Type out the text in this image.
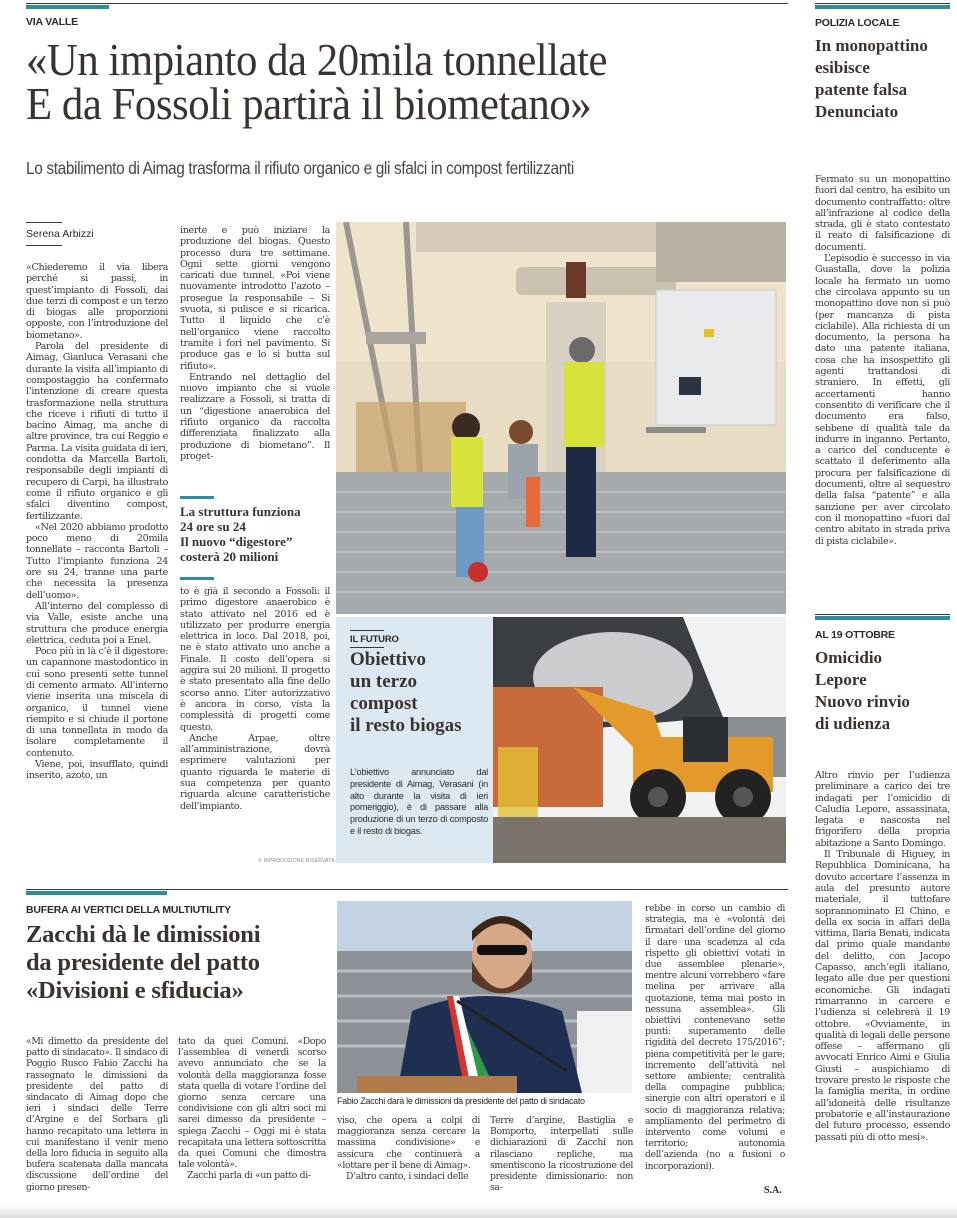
VIA VALLE
«Un impianto da 20mila tonnellate
E da Fossoli partirà il biometano»
Lo stabilimento di Aimag trasforma il rifiuto organico e gli sfalci in compost fertilizzanti
Serena Arbizzi

«Chiederemo il via libera perché si passi, in quest’impianto di Fossoli, dai due terzi di compost e un terzo di biogas alle proporzioni opposte, con l’introduzione del biometano».

Parola del presidente di Aimag, Gianluca Verasani che durante la visita all’impianto di compostaggio ha confermato l’intenzione di creare questa trasformazione nella struttura che riceve i rifiuti di tutto il bacino Aimag, ma anche di altre province, tra cui Reggio e Parma. La visita guidata di ieri, condotta da Marcella Bartoli, responsabile degli impianti di recupero di Carpi, ha illustrato come il rifiuto organico e gli sfalci diventino compost, fertilizzante.

«Nel 2020 abbiamo prodotto poco meno di 20mila tonnellate – racconta Bartoli – Tutto l’impianto funziona 24 ore su 24, tranne una parte che necessita la presenza dell’uomo».

All’interno del complesso di via Valle, esiste anche una struttura che produce energia elettrica, ceduta poi a Enel.

Poco più in là c’è il digestore: un capannone mastodontico in cui sono presenti sette tunnel di cemento armato. All’interno viene inserita una miscela di organico, il tunnel viene riempito e si chiude il portone di una tonnellata in modo da isolare completamente il contenuto.

Viene, poi, insufflato, quindi inserito, azoto, un

inerte e può iniziare la produzione del biogas. Questo processo dura tre settimane. Ogni sette giorni vengono caricati due tunnel. «Poi viene nuovamente introdotto l’azoto – prosegue la responsabile – Si svuota, si pulisce e si ricarica. Tutto il liquido che c’è nell’organico viene raccolto tramite i fori nel pavimento. Si produce gas e lo si butta sul rifiuto».

Entrando nel dettaglio del nuovo impianto che si vuole realizzare a Fossoli, si tratta di un “digestione anaerobica del rifiuto organico da raccolta differenziata finalizzato alla produzione di biometano”. Il proget-

La struttura funziona
24 ore su 24
Il nuovo “digestore”
costerà 20 milioni

to è già il secondo a Fossoli: il primo digestore anaerobico è stato attivato nel 2016 ed è utilizzato per produrre energia elettrica in loco. Dal 2018, poi, ne è stato attivato uno anche a Finale. Il costo dell’opera si aggira sui 20 milioni. Il progetto è stato presentato alla fine dello scorso anno. L’iter autorizzativo è ancora in corso, vista la complessità di progetti come questo.

Anche Arpae, oltre all’amministrazione, dovrà esprimere valutazioni per quanto riguarda le materie di sua competenza per quanto riguarda alcune caratteristiche dell’impianto.

© RIPRODUZIONE RISERVATA
IL FUTURO
Obiettivo
un terzo
compost
il resto biogas
L'obiettivo annunciato dal presidente di Aimag, Verasani (in alto durante la visita di ieri pomeriggio), è di passare alla produzione di un terzo di composto e il resto di biogas.
POLIZIA LOCALE
In monopattino
esibisce
patente falsa
Denunciato

Fermato su un monopattino fuori dal centro, ha esibito un documento contraffatto: oltre all’infrazione al codice della strada, gli è stato contestato il reato di falsificazione di documenti.

L’episodio è successo in via Guastalla, dove la polizia locale ha fermato un uomo che circolava appunto su un monopattino dove non si può (per mancanza di pista ciclabile). Alla richiesta di un documento, la persona ha dato una patente italiana, cosa che ha insospettito gli agenti trattandosi di straniero. In effetti, gli accertamenti hanno consentito di verificare che il documento era falso, sebbene di qualità tale da indurre in inganno. Pertanto, a carico del conducente è scattato il deferimento alla procura per falsificazione di documenti, oltre al sequestro della falsa “patente” e alla sanzione per aver circolato con il monopattino «fuori dal centro abitato in strada priva di pista ciclabile».

AL 19 OTTOBRE
Omicidio
Lepore
Nuovo rinvio
di udienza

Altro rinvio per l’udienza preliminare a carico dei tre indagati per l’omicidio di Caludia Lepore, assassinata, legata e nascosta nel frigorifero della propria abitazione a Santo Domingo.

Il Tribunale di Higuey, in Repubblica Dominicana, ha dovuto accertare l’assenza in aula del presunto autore materiale, il tuttofare soprannominato El Chino, e della ex socia in affari della vittima, Ilaria Benati, indicata dal primo quale mandante del delitto, con Jacopo Capasso, anch’egli italiano, legato alle due per questioni economiche. Gli indagati rimarranno in carcere e l’udienza si celebrerà il 19 ottobre. «Ovviamente, in qualità di legali delle persone offese – affermano gli avvocati Enrico Aimi e Giulia Giusti – auspichiamo di trovare presto le risposte che la famiglia merita, in ordine all’idoneità delle risultanze probatorie e all’instaurazione del futuro processo, essendo passati più di otto mesi».

BUFERA AI VERTICI DELLA MULTIUTILITY
Zacchi dà le dimissioni
da presidente del patto
«Divisioni e sfiducia»

«Mi dimetto da presidente del patto di sindacato». Il sindaco di Poggio Rusco Fabio Zacchi ha rassegnato le dimissioni da presidente del patto di sindacato di Aimag dopo che ieri i sindaci delle Terre d’Argine e del Sorbara gli hanno recapitato una lettera in cui manifestano il venir meno della loro fiducia in seguito alla bufera scatenata dalla mancata discussione dell’ordine del giorno presen-

tato da quei Comuni. «Dopo l’assemblea di venerdì scorso avevo annunciato che se la volontà della maggioranza fosse stata quella di votare l’ordine del giorno senza cercare una condivisione con gli altri soci mi sarei dimesso da presidente – spiega Zacchi – Oggi mi è stata recapitata una lettera sottoscritta da quei Comuni che dimostra tale volontà».

Zacchi parla di «un patto di-

Fabio Zacchi darà le dimissioni da presidente del patto di sindacato

viso, che opera a colpi di maggioranza senza cercare la massima condivisione» e assicura che continuerà a «lottare per il bene di Aimag».

D’altro canto, i sindaci delle

Terre d’argine, Bastiglia e Bomporto, interpellati sulle dichiarazioni di Zacchi non rilasciano repliche, ma smentiscono la ricostruzione del presidente dimissionario: non sa-

rebbe in corso un cambio di strategia, ma è «volontà dei firmatari dell’ordine del giorno il dare una scadenza al cda rispetto gli obiettivi votati in due assemblee plenarie», mentre alcuni vorrebbero «fare melina per arrivare alla quotazione, tema mai posto in nessuna assemblea». Gli obiettivi contenevano sette punti: superamento delle rigidità del decreto 175/2016”; piena competitività per le gare; incremento dell’attività nel settore ambiente; centralità della compagine pubblica; sinergie con altri operatori e il socio di maggioranza relativa; ampliamento del perimetro di intervento come volumi e territorio; autonomia dell’azienda (no a fusioni o incorporazioni).

S.A.
